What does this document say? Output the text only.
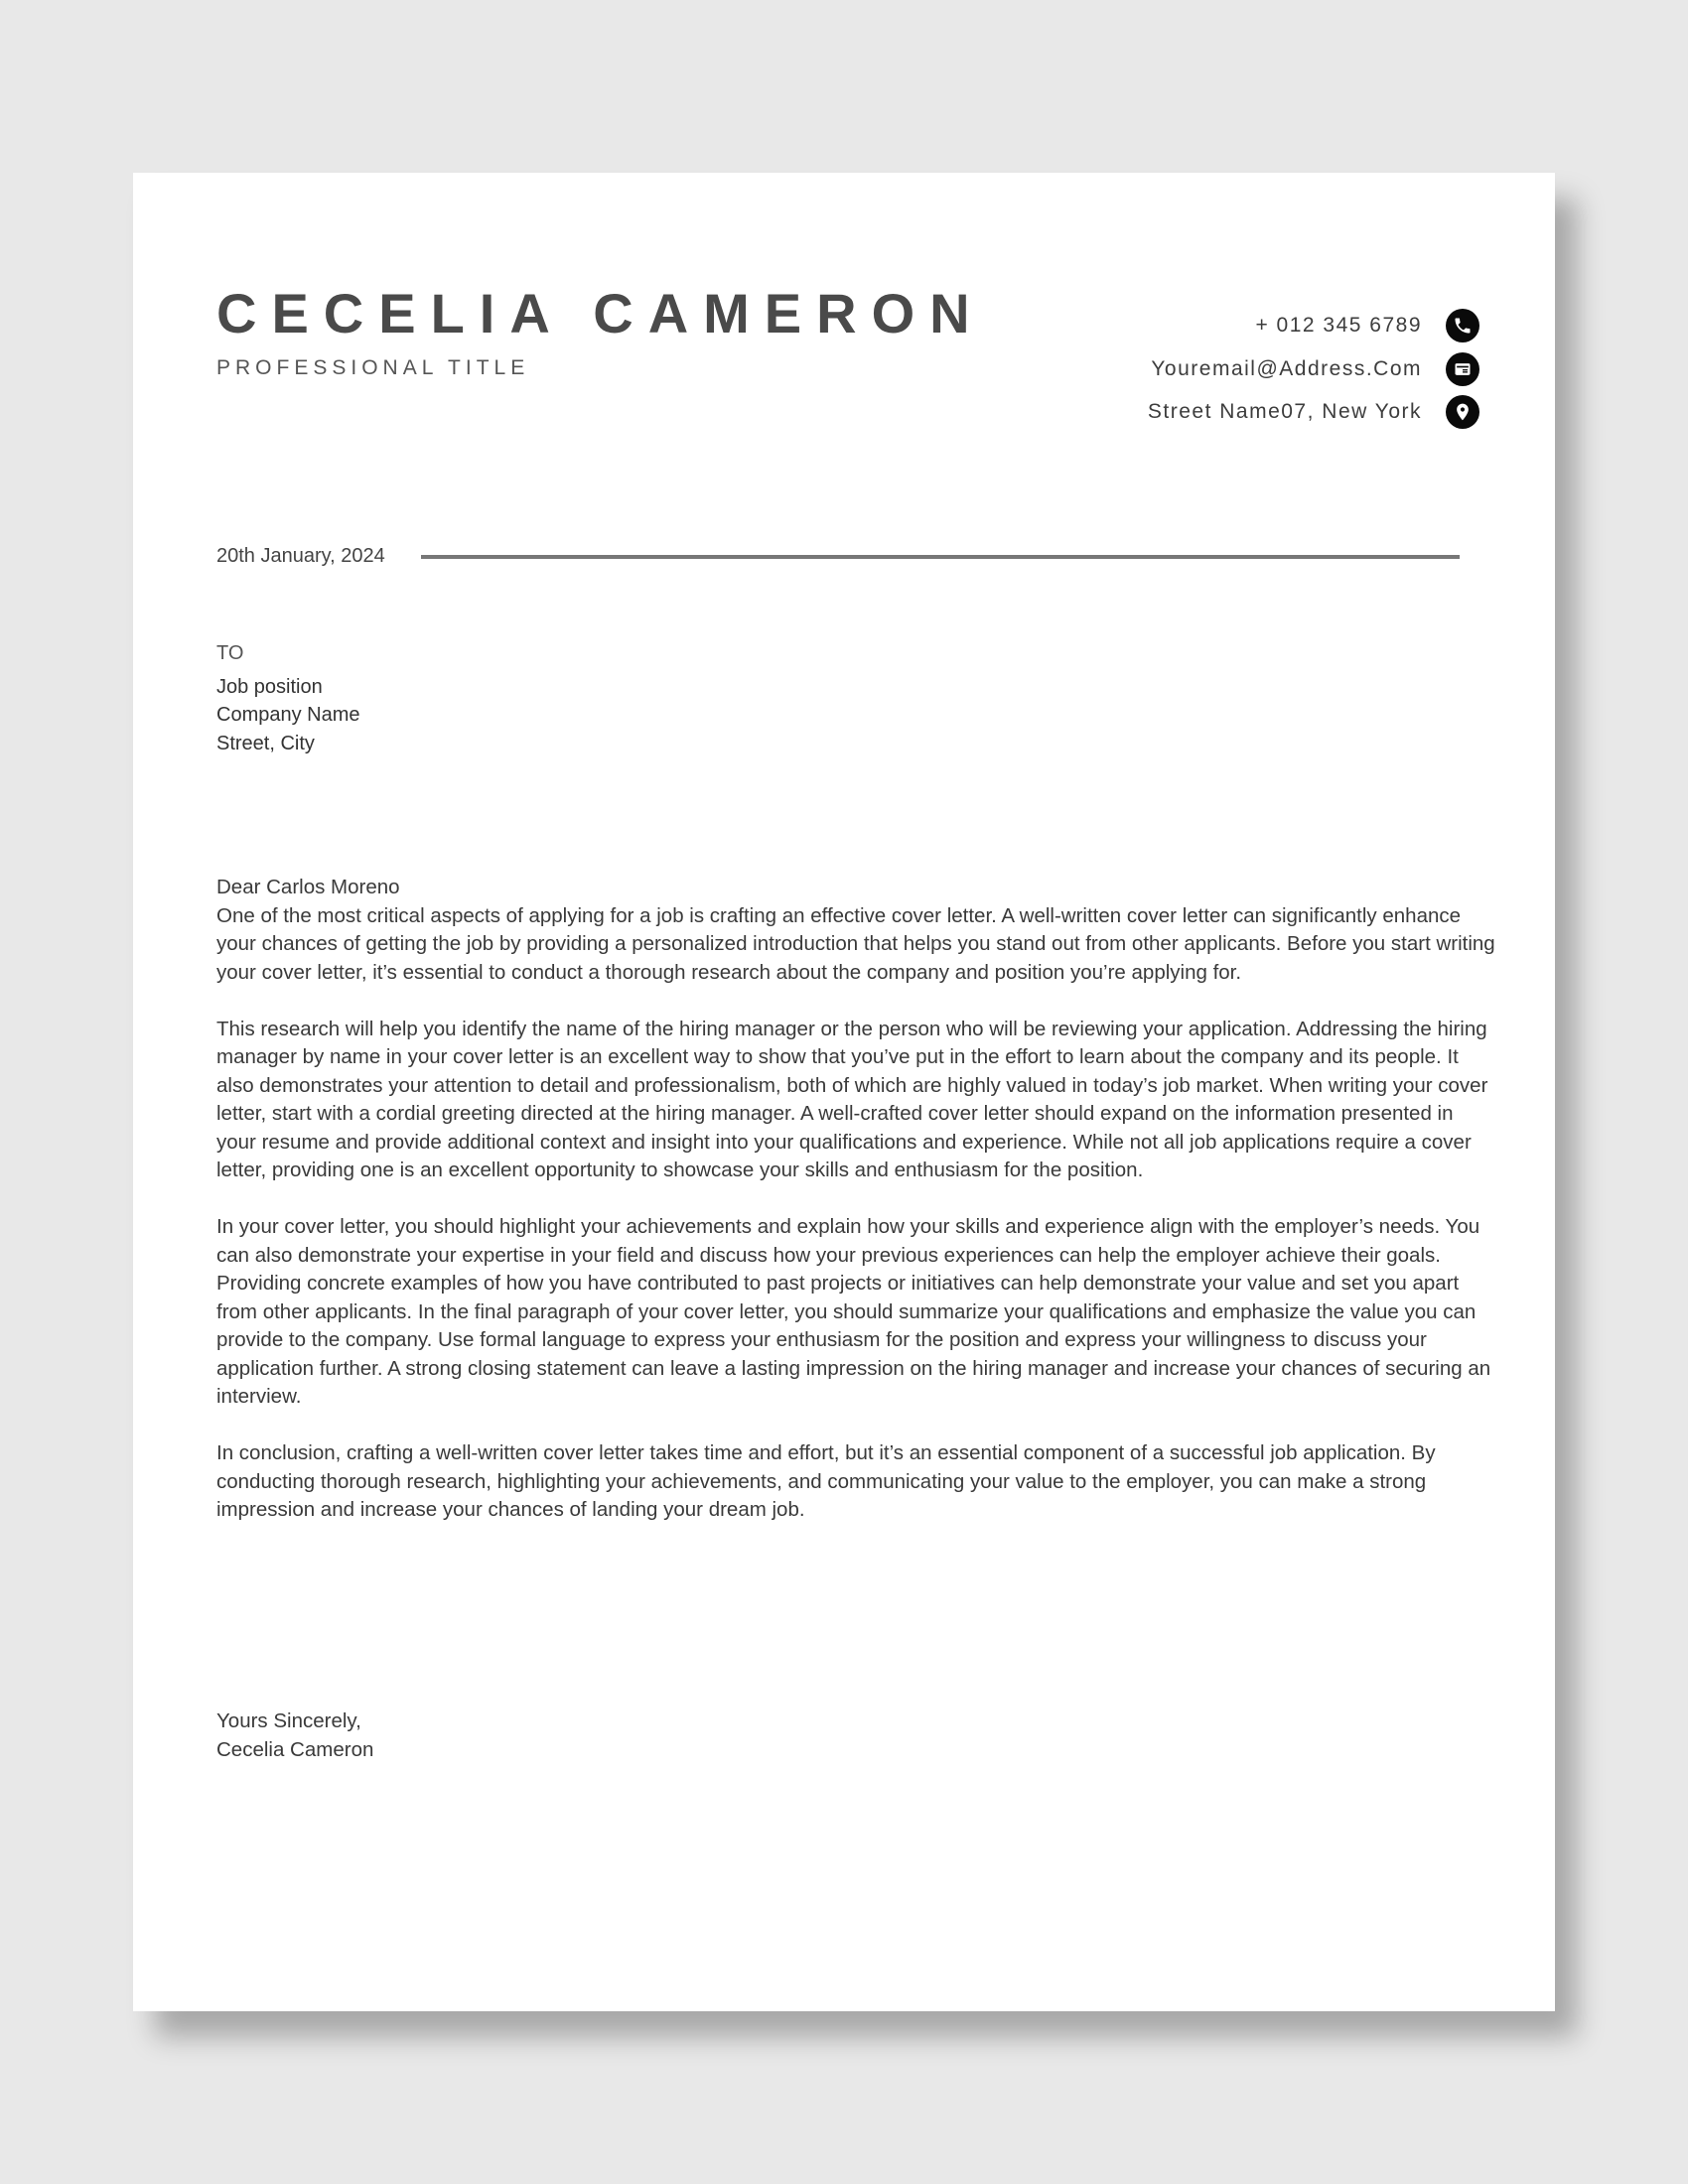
CECELIA CAMERON
PROFESSIONAL TITLE
+ 012 345 6789
Youremail@Address.Com
Street Name07, New York
20th January, 2024
TO
Job position
Company Name
Street, City

Dear Carlos Moreno

One of the most critical aspects of applying for a job is crafting an effective cover letter. A well-written cover letter can significantly enhance your chances of getting the job by providing a personalized introduction that helps you stand out from other applicants. Before you start writing your cover letter, it’s essential to conduct a thorough research about the company and position you’re applying for.

This research will help you identify the name of the hiring manager or the person who will be reviewing your application. Addressing the hiring manager by name in your cover letter is an excellent way to show that you’ve put in the effort to learn about the company and its people. It also demonstrates your attention to detail and professionalism, both of which are highly valued in today’s job market. When writing your cover letter, start with a cordial greeting directed at the hiring manager. A well-crafted cover letter should expand on the information presented in your resume and provide additional context and insight into your qualifications and experience. While not all job applications require a cover letter, providing one is an excellent opportunity to showcase your skills and enthusiasm for the position.

In your cover letter, you should highlight your achievements and explain how your skills and experience align with the employer’s needs. You can also demonstrate your expertise in your field and discuss how your previous experiences can help the employer achieve their goals. Providing concrete examples of how you have contributed to past projects or initiatives can help demonstrate your value and set you apart from other applicants. In the final paragraph of your cover letter, you should summarize your qualifications and emphasize the value you can provide to the company. Use formal language to express your enthusiasm for the position and express your willingness to discuss your application further. A strong closing statement can leave a lasting impression on the hiring manager and increase your chances of securing an interview.

In conclusion, crafting a well-written cover letter takes time and effort, but it’s an essential component of a successful job application. By conducting thorough research, highlighting your achievements, and communicating your value to the employer, you can make a strong impression and increase your chances of landing your dream job.

Yours Sincerely,
Cecelia Cameron
